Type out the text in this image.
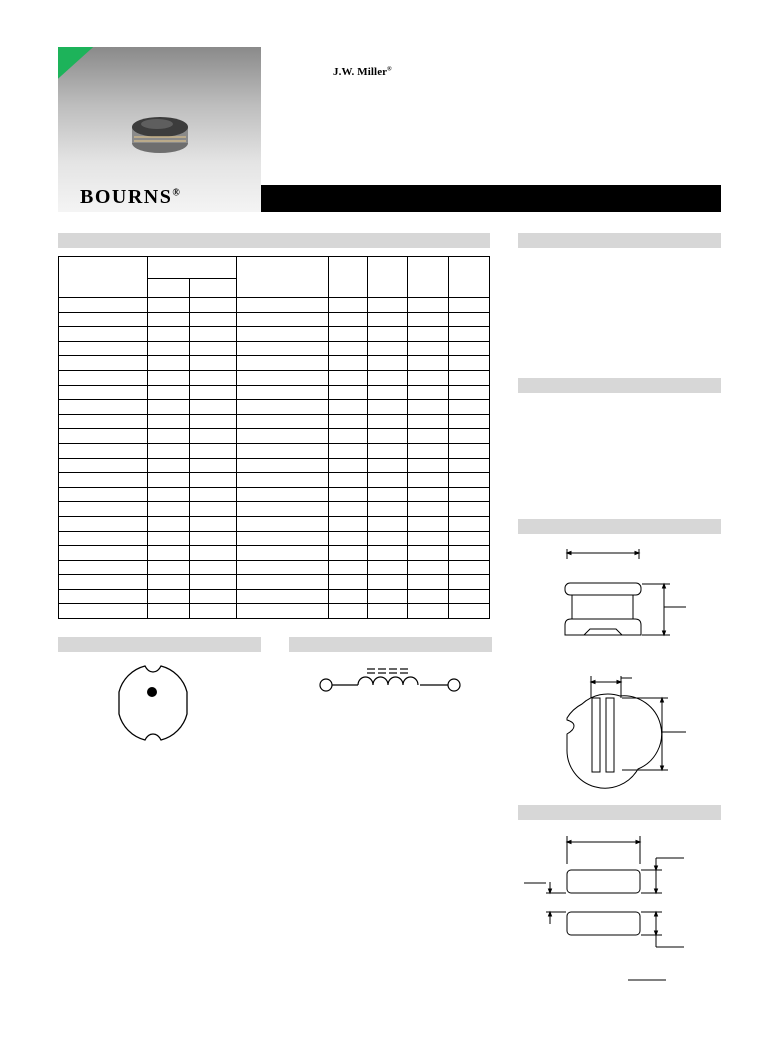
J.W. Miller®
BOURNS®
